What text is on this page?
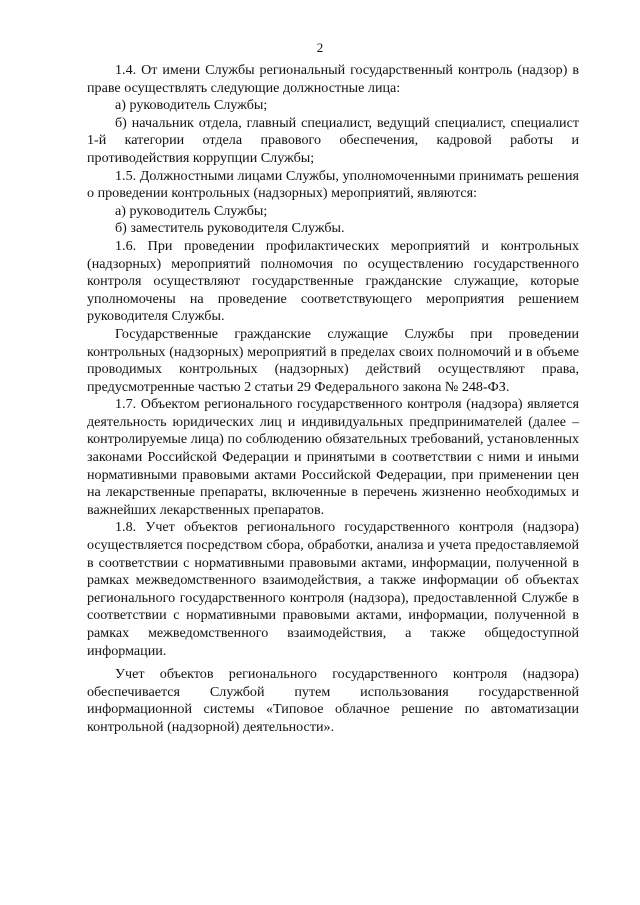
2

1.4. От имени Службы региональный государственный контроль (надзор) в праве осуществлять следующие должностные лица:

а) руководитель Службы;

б) начальник отдела, главный специалист, ведущий специалист, специалист 1-й категории отдела правового обеспечения, кадровой работы и противодействия коррупции Службы;

1.5. Должностными лицами Службы, уполномоченными принимать решения о проведении контрольных (надзорных) мероприятий, являются:

а) руководитель Службы;

б) заместитель руководителя Службы.

1.6. При проведении профилактических мероприятий и контрольных (надзорных) мероприятий полномочия по осуществлению государственного контроля осуществляют государственные гражданские служащие, которые уполномочены на проведение соответствующего мероприятия решением руководителя Службы.

Государственные гражданские служащие Службы при проведении контрольных (надзорных) мероприятий в пределах своих полномочий и в объеме проводимых контрольных (надзорных) действий осуществляют права, предусмотренные частью 2 статьи 29 Федерального закона № 248-ФЗ.

1.7. Объектом регионального государственного контроля (надзора) является деятельность юридических лиц и индивидуальных предпринимателей (далее – контролируемые лица) по соблюдению обязательных требований, установленных законами Российской Федерации и принятыми в соответствии с ними и иными нормативными правовыми актами Российской Федерации, при применении цен на лекарственные препараты, включенные в перечень жизненно необходимых и важнейших лекарственных препаратов.

1.8. Учет объектов регионального государственного контроля (надзора) осуществляется посредством сбора, обработки, анализа и учета предоставляемой в соответствии с нормативными правовыми актами, информации, полученной в рамках межведомственного взаимодействия, а также информации об объектах регионального государственного контроля (надзора), предоставленной Службе в соответствии с нормативными правовыми актами, информации, полученной в рамках межведомственного взаимодействия, а также общедоступной информации.

Учет объектов регионального государственного контроля (надзора) обеспечивается Службой путем использования государственной информационной системы «Типовое облачное решение по автоматизации контрольной (надзорной) деятельности».
